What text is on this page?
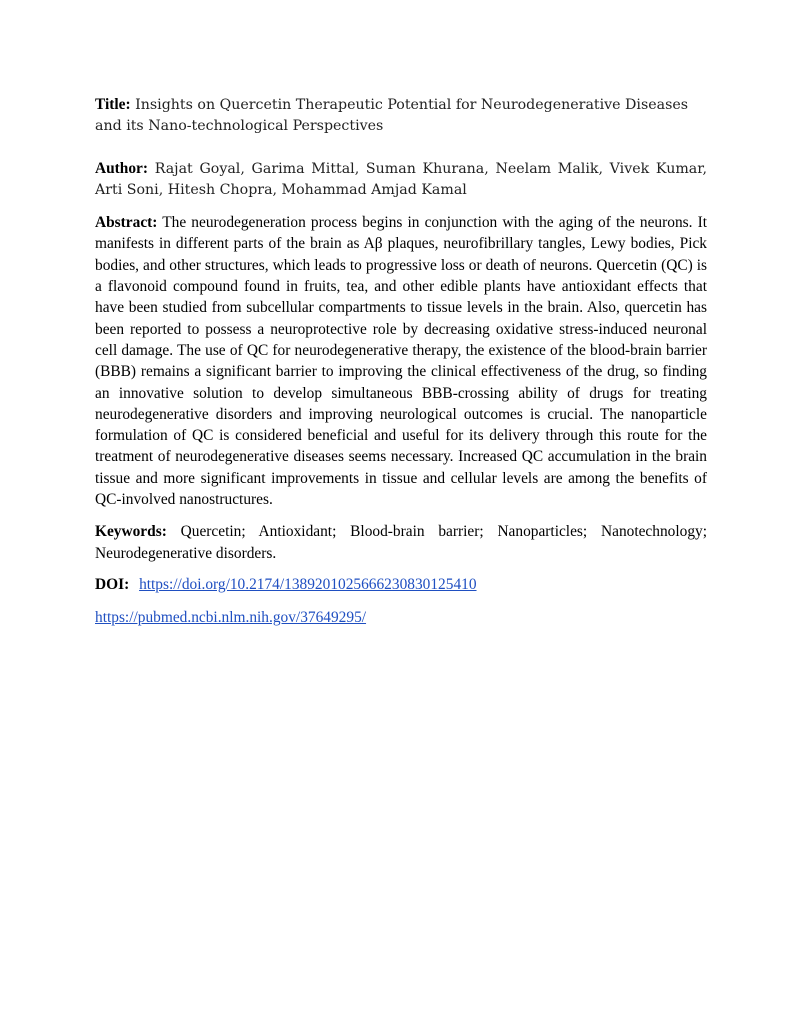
Title: Insights on Quercetin Therapeutic Potential for Neurodegenerative Diseases and its Nano-technological Perspectives

Author: Rajat Goyal, Garima Mittal, Suman Khurana, Neelam Malik, Vivek Kumar, Arti Soni, Hitesh Chopra, Mohammad Amjad Kamal

Abstract: The neurodegeneration process begins in conjunction with the aging of the neurons. It manifests in different parts of the brain as Aβ plaques, neurofibrillary tangles, Lewy bodies, Pick bodies, and other structures, which leads to progressive loss or death of neurons. Quercetin (QC) is a flavonoid compound found in fruits, tea, and other edible plants have antioxidant effects that have been studied from subcellular compartments to tissue levels in the brain. Also, quercetin has been reported to possess a neuroprotective role by decreasing oxidative stress-induced neuronal cell damage. The use of QC for neurodegenerative therapy, the existence of the blood-brain barrier (BBB) remains a significant barrier to improving the clinical effectiveness of the drug, so finding an innovative solution to develop simultaneous BBB-crossing ability of drugs for treating neurodegenerative disorders and improving neurological outcomes is crucial. The nanoparticle formulation of QC is considered beneficial and useful for its delivery through this route for the treatment of neurodegenerative diseases seems necessary. Increased QC accumulation in the brain tissue and more significant improvements in tissue and cellular levels are among the benefits of QC-involved nanostructures.

Keywords: Quercetin; Antioxidant; Blood-brain barrier; Nanoparticles; Nanotechnology; Neurodegenerative disorders.

DOI: https://doi.org/10.2174/1389201025666230830125410

https://pubmed.ncbi.nlm.nih.gov/37649295/
